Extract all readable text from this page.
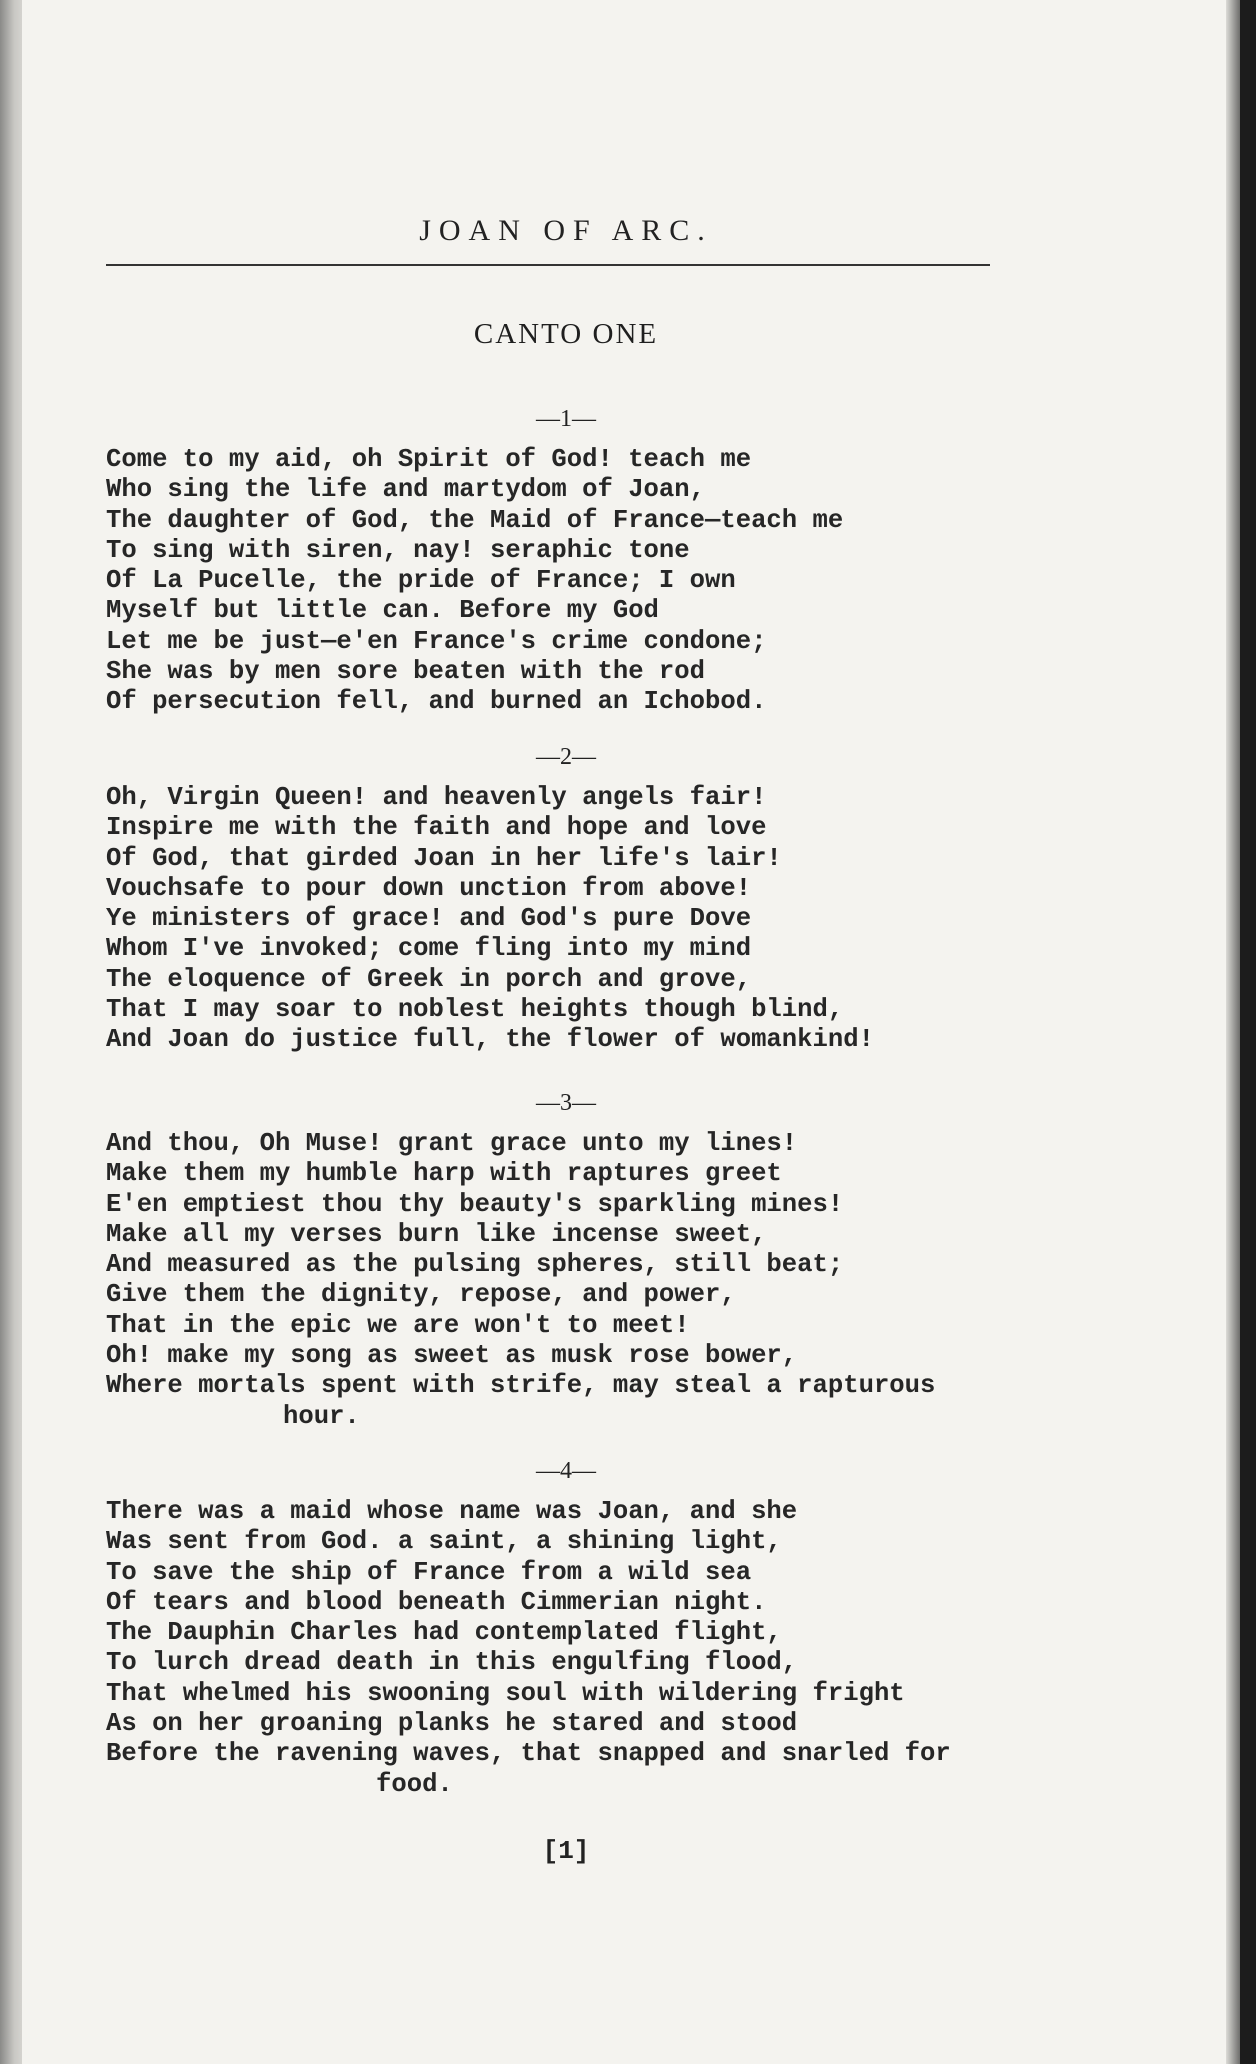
JOAN OF ARC.
CANTO ONE
—1—
Come to my aid, oh Spirit of God! teach me
Who sing the life and martydom of Joan,
The daughter of God, the Maid of France—teach me
To sing with siren, nay! seraphic tone
Of La Pucelle, the pride of France; I own
Myself but little can. Before my God
Let me be just—e'en France's crime condone;
She was by men sore beaten with the rod
Of persecution fell, and burned an Ichobod.
—2—
Oh, Virgin Queen! and heavenly angels fair!
Inspire me with the faith and hope and love
Of God, that girded Joan in her life's lair!
Vouchsafe to pour down unction from above!
Ye ministers of grace! and God's pure Dove
Whom I've invoked; come fling into my mind
The eloquence of Greek in porch and grove,
That I may soar to noblest heights though blind,
And Joan do justice full, the flower of womankind!
—3—
And thou, Oh Muse! grant grace unto my lines!
Make them my humble harp with raptures greet
E'en emptiest thou thy beauty's sparkling mines!
Make all my verses burn like incense sweet,
And measured as the pulsing spheres, still beat;
Give them the dignity, repose, and power,
That in the epic we are won't to meet!
Oh! make my song as sweet as musk rose bower,
Where mortals spent with strife, may steal a rapturous
hour.
—4—
There was a maid whose name was Joan, and she
Was sent from God. a saint, a shining light,
To save the ship of France from a wild sea
Of tears and blood beneath Cimmerian night.
The Dauphin Charles had contemplated flight,
To lurch dread death in this engulfing flood,
That whelmed his swooning soul with wildering fright
As on her groaning planks he stared and stood
Before the ravening waves, that snapped and snarled for
food.
[1]
